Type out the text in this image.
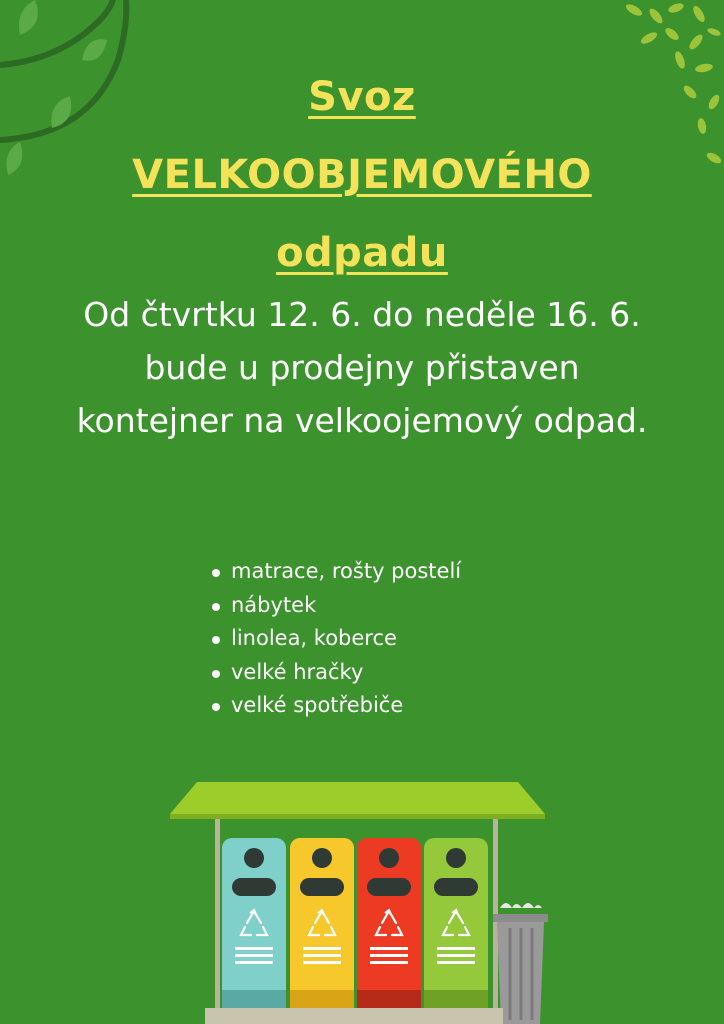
Svoz
VELKOOBJEMOVÉHO
odpadu
Od čtvrtku 12. 6. do neděle 16. 6.
bude u prodejny přistaven
kontejner na velkoojemový odpad.
matrace, rošty postelí
nábytek
linolea, koberce
velké hračky
velké spotřebiče
